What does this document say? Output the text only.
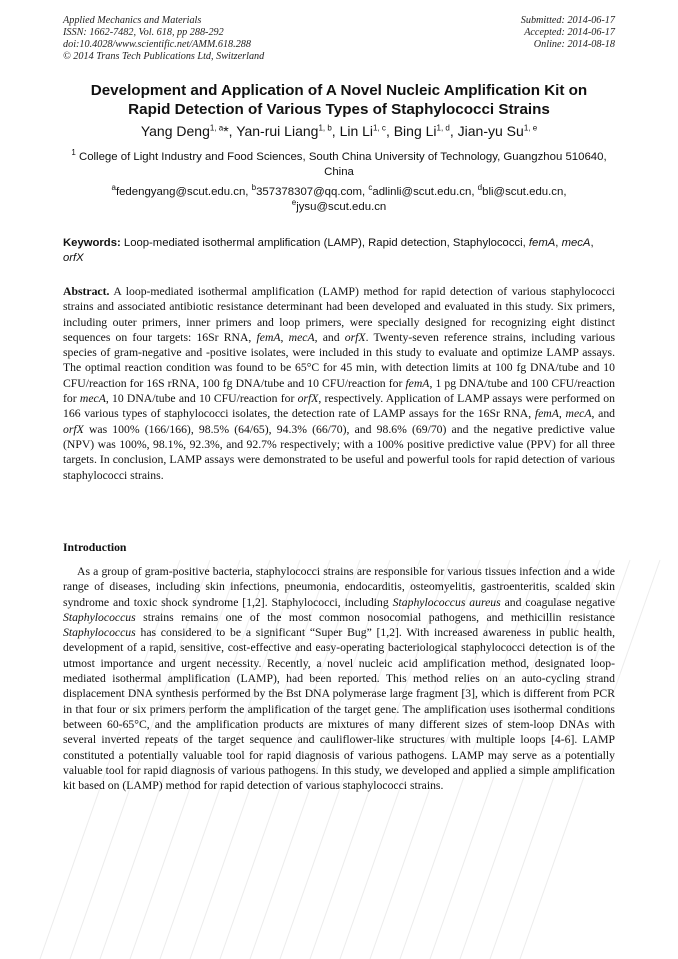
Applied Mechanics and Materials
ISSN: 1662-7482, Vol. 618, pp 288-292
doi:10.4028/www.scientific.net/AMM.618.288
© 2014 Trans Tech Publications Ltd, Switzerland
Submitted: 2014-06-17
Accepted: 2014-06-17
Online: 2014-08-18
Development and Application of A Novel Nucleic Amplification Kit on
Rapid Detection of Various Types of Staphylococci Strains
Yang Deng$^{1, a}$*, Yan-rui Liang$^{1, b}$, Lin Li$^{1, c}$, Bing Li$^{1, d}$, Jian-yu Su$^{1, e}$
$^1$ College of Light Industry and Food Sciences, South China University of Technology, Guangzhou 510640, China
$^a$fedengyang@scut.edu.cn, $^b$357378307@qq.com, $^c$adlinli@scut.edu.cn, $^d$bli@scut.edu.cn,
$^e$jysu@scut.edu.cn
Keywords: Loop-mediated isothermal amplification (LAMP), Rapid detection, Staphylococci, femA, mecA, orfX
Abstract. A loop-mediated isothermal amplification (LAMP) method for rapid detection of various staphylococci strains and associated antibiotic resistance determinant had been developed and evaluated in this study. Six primers, including outer primers, inner primers and loop primers, were specially designed for recognizing eight distinct sequences on four targets: 16Sr RNA, femA, mecA, and orfX. Twenty-seven reference strains, including various species of gram-negative and -positive isolates, were included in this study to evaluate and optimize LAMP assays. The optimal reaction condition was found to be 65°C for 45 min, with detection limits at 100 fg DNA/tube and 10 CFU/reaction for 16S rRNA, 100 fg DNA/tube and 10 CFU/reaction for femA, 1 pg DNA/tube and 100 CFU/reaction for mecA, 10 DNA/tube and 10 CFU/reaction for orfX, respectively. Application of LAMP assays were performed on 166 various types of staphylococci isolates, the detection rate of LAMP assays for the 16Sr RNA, femA, mecA, and orfX was 100% (166/166), 98.5% (64/65), 94.3% (66/70), and 98.6% (69/70) and the negative predictive value (NPV) was 100%, 98.1%, 92.3%, and 92.7% respectively; with a 100% positive predictive value (PPV) for all three targets. In conclusion, LAMP assays were demonstrated to be useful and powerful tools for rapid detection of various staphylococci strains.
Introduction
As a group of gram-positive bacteria, staphylococci strains are responsible for various tissues infection and a wide range of diseases, including skin infections, pneumonia, endocarditis, osteomyelitis, gastroenteritis, scalded skin syndrome and toxic shock syndrome [1,2]. Staphylococci, including Staphylococcus aureus and coagulase negative Staphylococcus strains remains one of the most common nosocomial pathogens, and methicillin resistance Staphylococcus has considered to be a significant “Super Bug” [1,2]. With increased awareness in public health, development of a rapid, sensitive, cost-effective and easy-operating bacteriological staphylococci detection is of the utmost importance and urgent necessity. Recently, a novel nucleic acid amplification method, designated loop-mediated isothermal amplification (LAMP), had been reported. This method relies on an auto-cycling strand displacement DNA synthesis performed by the Bst DNA polymerase large fragment [3], which is different from PCR in that four or six primers perform the amplification of the target gene. The amplification uses isothermal conditions between 60-65°C, and the amplification products are mixtures of many different sizes of stem-loop DNAs with several inverted repeats of the target sequence and cauliflower-like structures with multiple loops [4-6]. LAMP constituted a potentially valuable tool for rapid diagnosis of various pathogens. LAMP may serve as a potentially valuable tool for rapid diagnosis of various pathogens. In this study, we developed and applied a simple amplification kit based on (LAMP) method for rapid detection of various staphylococci strains.
